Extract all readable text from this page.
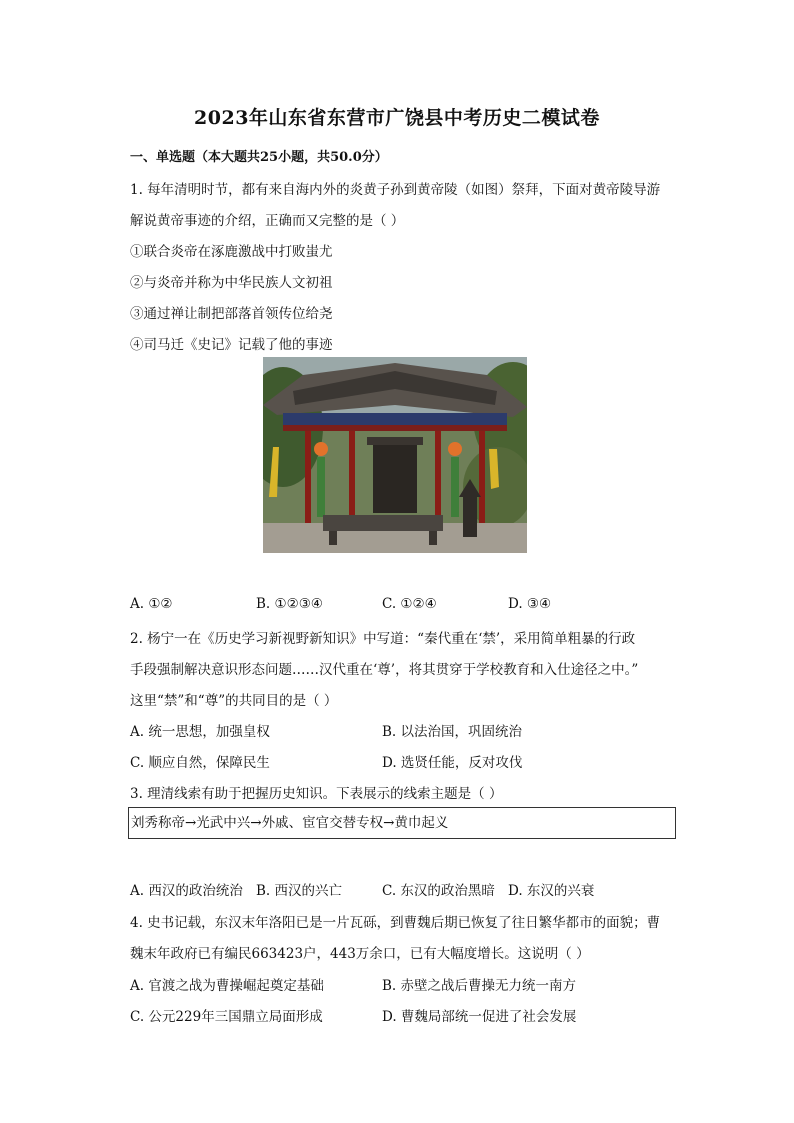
2023年山东省东营市广饶县中考历史二模试卷
一、单选题（本大题共25小题，共50.0分）
1. 每年清明时节，都有来自海内外的炎黄子孙到黄帝陵（如图）祭拜，下面对黄帝陵导游
解说黄帝事迹的介绍，正确而又完整的是（ ）
①联合炎帝在涿鹿激战中打败蚩尤
②与炎帝并称为中华民族人文初祖
③通过禅让制把部落首领传位给尧
④司马迁《史记》记载了他的事迹
A. ①②	B. ①②③④	C. ①②④	D. ③④
2. 杨宁一在《历史学习新视野新知识》中写道：“秦代重在‘禁’，采用简单粗暴的行政
手段强制解决意识形态问题……汉代重在‘尊’，将其贯穿于学校教育和入仕途径之中。”
这里“禁”和“尊”的共同目的是（ ）
A. 统一思想，加强皇权	B. 以法治国，巩固统治
C. 顺应自然，保障民生	D. 选贤任能，反对攻伐
3. 理清线索有助于把握历史知识。下表展示的线索主题是（ ）
刘秀称帝→光武中兴→外戚、宦官交替专权→黄巾起义
A. 西汉的政治统治 B. 西汉的兴亡	C. 东汉的政治黑暗 D. 东汉的兴衰
4. 史书记载，东汉末年洛阳已是一片瓦砾，到曹魏后期已恢复了往日繁华都市的面貌；曹
魏末年政府已有编民663423户，443万余口，已有大幅度增长。这说明（ ）
A. 官渡之战为曹操崛起奠定基础	B. 赤壁之战后曹操无力统一南方
C. 公元229年三国鼎立局面形成	D. 曹魏局部统一促进了社会发展
